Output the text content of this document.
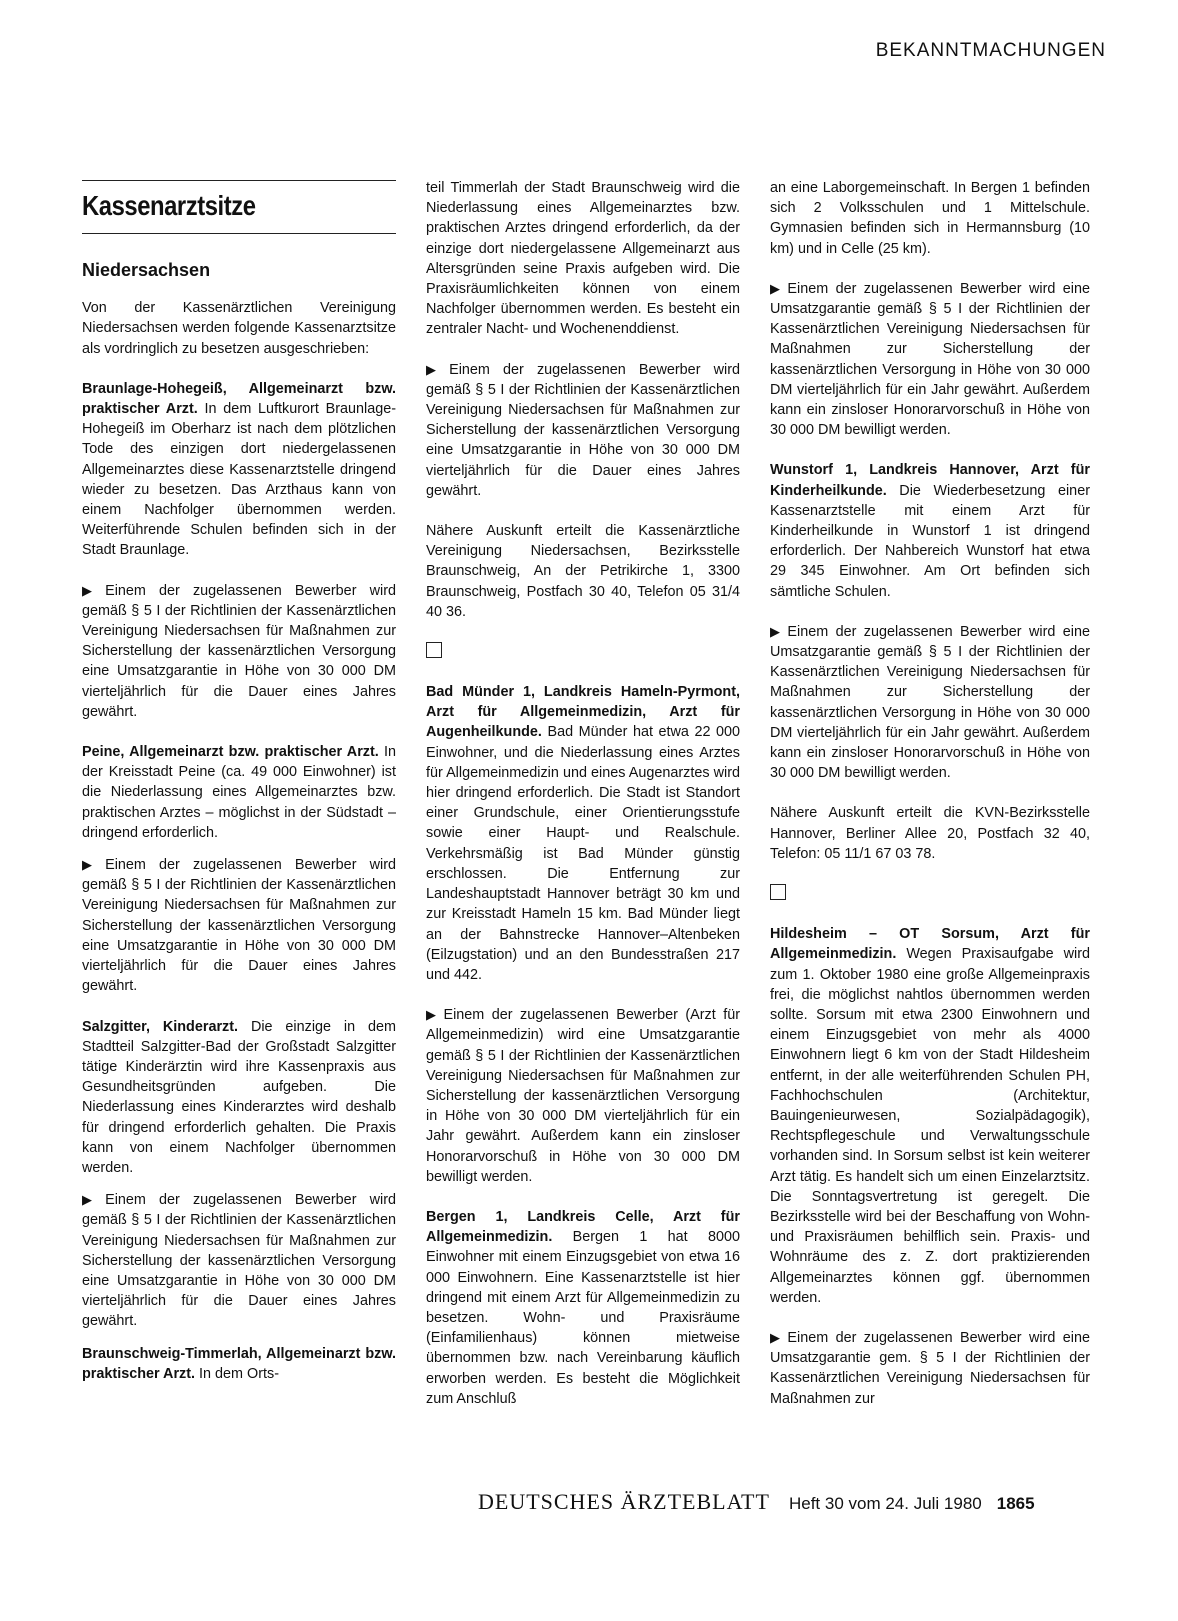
BEKANNTMACHUNGEN
Kassenarztsitze
Niedersachsen

Von der Kassenärztlichen Vereinigung Niedersachsen werden folgende Kassenarztsitze als vordringlich zu besetzen ausgeschrieben:

Braunlage-Hohegeiß, Allgemeinarzt bzw. praktischer Arzt. In dem Luftkurort Braunlage-Hohegeiß im Oberharz ist nach dem plötzlichen Tode des einzigen dort niedergelassenen Allgemeinarztes diese Kassenarztstelle dringend wieder zu besetzen. Das Arzthaus kann von einem Nachfolger übernommen werden. Weiterführende Schulen befinden sich in der Stadt Braunlage.

▶ Einem der zugelassenen Bewerber wird gemäß § 5 I der Richtlinien der Kassenärztlichen Vereinigung Niedersachsen für Maßnahmen zur Sicherstellung der kassenärztlichen Versorgung eine Umsatzgarantie in Höhe von 30 000 DM vierteljährlich für die Dauer eines Jahres gewährt.

Peine, Allgemeinarzt bzw. praktischer Arzt. In der Kreisstadt Peine (ca. 49 000 Einwohner) ist die Niederlassung eines Allgemeinarztes bzw. praktischen Arztes – möglichst in der Südstadt – dringend erforderlich.

▶ Einem der zugelassenen Bewerber wird gemäß § 5 I der Richtlinien der Kassenärztlichen Vereinigung Niedersachsen für Maßnahmen zur Sicherstellung der kassenärztlichen Versorgung eine Umsatzgarantie in Höhe von 30 000 DM vierteljährlich für die Dauer eines Jahres gewährt.

Salzgitter, Kinderarzt. Die einzige in dem Stadtteil Salzgitter-Bad der Großstadt Salzgitter tätige Kinderärztin wird ihre Kassenpraxis aus Gesundheitsgründen aufgeben. Die Niederlassung eines Kinderarztes wird deshalb für dringend erforderlich gehalten. Die Praxis kann von einem Nachfolger übernommen werden.

▶ Einem der zugelassenen Bewerber wird gemäß § 5 I der Richtlinien der Kassenärztlichen Vereinigung Niedersachsen für Maßnahmen zur Sicherstellung der kassenärztlichen Versorgung eine Umsatzgarantie in Höhe von 30 000 DM vierteljährlich für die Dauer eines Jahres gewährt.

Braunschweig-Timmerlah, Allgemeinarzt bzw. praktischer Arzt. In dem Orts-

teil Timmerlah der Stadt Braunschweig wird die Niederlassung eines Allgemeinarztes bzw. praktischen Arztes dringend erforderlich, da der einzige dort niedergelassene Allgemeinarzt aus Altersgründen seine Praxis aufgeben wird. Die Praxisräumlichkeiten können von einem Nachfolger übernommen werden. Es besteht ein zentraler Nacht- und Wochenenddienst.

▶ Einem der zugelassenen Bewerber wird gemäß § 5 I der Richtlinien der Kassenärztlichen Vereinigung Niedersachsen für Maßnahmen zur Sicherstellung der kassenärztlichen Versorgung eine Umsatzgarantie in Höhe von 30 000 DM vierteljährlich für die Dauer eines Jahres gewährt.

Nähere Auskunft erteilt die Kassenärztliche Vereinigung Niedersachsen, Bezirksstelle Braunschweig, An der Petrikirche 1, 3300 Braunschweig, Postfach 30 40, Telefon 05 31/4 40 36.

Bad Münder 1, Landkreis Hameln-Pyrmont, Arzt für Allgemeinmedizin, Arzt für Augenheilkunde. Bad Münder hat etwa 22 000 Einwohner, und die Niederlassung eines Arztes für Allgemeinmedizin und eines Augenarztes wird hier dringend erforderlich. Die Stadt ist Standort einer Grundschule, einer Orientierungsstufe sowie einer Haupt- und Realschule. Verkehrsmäßig ist Bad Münder günstig erschlossen. Die Entfernung zur Landeshauptstadt Hannover beträgt 30 km und zur Kreisstadt Hameln 15 km. Bad Münder liegt an der Bahnstrecke Hannover–Altenbeken (Eilzugstation) und an den Bundesstraßen 217 und 442.

▶ Einem der zugelassenen Bewerber (Arzt für Allgemeinmedizin) wird eine Umsatzgarantie gemäß § 5 I der Richtlinien der Kassenärztlichen Vereinigung Niedersachsen für Maßnahmen zur Sicherstellung der kassenärztlichen Versorgung in Höhe von 30 000 DM vierteljährlich für ein Jahr gewährt. Außerdem kann ein zinsloser Honorarvorschuß in Höhe von 30 000 DM bewilligt werden.

Bergen 1, Landkreis Celle, Arzt für Allgemeinmedizin. Bergen 1 hat 8000 Einwohner mit einem Einzugsgebiet von etwa 16 000 Einwohnern. Eine Kassenarztstelle ist hier dringend mit einem Arzt für Allgemeinmedizin zu besetzen. Wohn- und Praxisräume (Einfamilienhaus) können mietweise übernommen bzw. nach Vereinbarung käuflich erworben werden. Es besteht die Möglichkeit zum Anschluß

an eine Laborgemeinschaft. In Bergen 1 befinden sich 2 Volksschulen und 1 Mittelschule. Gymnasien befinden sich in Hermannsburg (10 km) und in Celle (25 km).

▶ Einem der zugelassenen Bewerber wird eine Umsatzgarantie gemäß § 5 I der Richtlinien der Kassenärztlichen Vereinigung Niedersachsen für Maßnahmen zur Sicherstellung der kassenärztlichen Versorgung in Höhe von 30 000 DM vierteljährlich für ein Jahr gewährt. Außerdem kann ein zinsloser Honorarvorschuß in Höhe von 30 000 DM bewilligt werden.

Wunstorf 1, Landkreis Hannover, Arzt für Kinderheilkunde. Die Wiederbesetzung einer Kassenarztstelle mit einem Arzt für Kinderheilkunde in Wunstorf 1 ist dringend erforderlich. Der Nahbereich Wunstorf hat etwa 29 345 Einwohner. Am Ort befinden sich sämtliche Schulen.

▶ Einem der zugelassenen Bewerber wird eine Umsatzgarantie gemäß § 5 I der Richtlinien der Kassenärztlichen Vereinigung Niedersachsen für Maßnahmen zur Sicherstellung der kassenärztlichen Versorgung in Höhe von 30 000 DM vierteljährlich für ein Jahr gewährt. Außerdem kann ein zinsloser Honorarvorschuß in Höhe von 30 000 DM bewilligt werden.

Nähere Auskunft erteilt die KVN-Bezirksstelle Hannover, Berliner Allee 20, Postfach 32 40, Telefon: 05 11/1 67 03 78.

Hildesheim – OT Sorsum, Arzt für Allgemeinmedizin. Wegen Praxisaufgabe wird zum 1. Oktober 1980 eine große Allgemeinpraxis frei, die möglichst nahtlos übernommen werden sollte. Sorsum mit etwa 2300 Einwohnern und einem Einzugsgebiet von mehr als 4000 Einwohnern liegt 6 km von der Stadt Hildesheim entfernt, in der alle weiterführenden Schulen PH, Fachhochschulen (Architektur, Bauingenieurwesen, Sozialpädagogik), Rechtspflegeschule und Verwaltungsschule vorhanden sind. In Sorsum selbst ist kein weiterer Arzt tätig. Es handelt sich um einen Einzelarztsitz. Die Sonntagsvertretung ist geregelt. Die Bezirksstelle wird bei der Beschaffung von Wohn- und Praxisräumen behilflich sein. Praxis- und Wohnräume des z. Z. dort praktizierenden Allgemeinarztes können ggf. übernommen werden.

▶ Einem der zugelassenen Bewerber wird eine Umsatzgarantie gem. § 5 I der Richtlinien der Kassenärztlichen Vereinigung Niedersachsen für Maßnahmen zur

DEUTSCHES ÄRZTEBLATT Heft 30 vom 24. Juli 1980 1865
